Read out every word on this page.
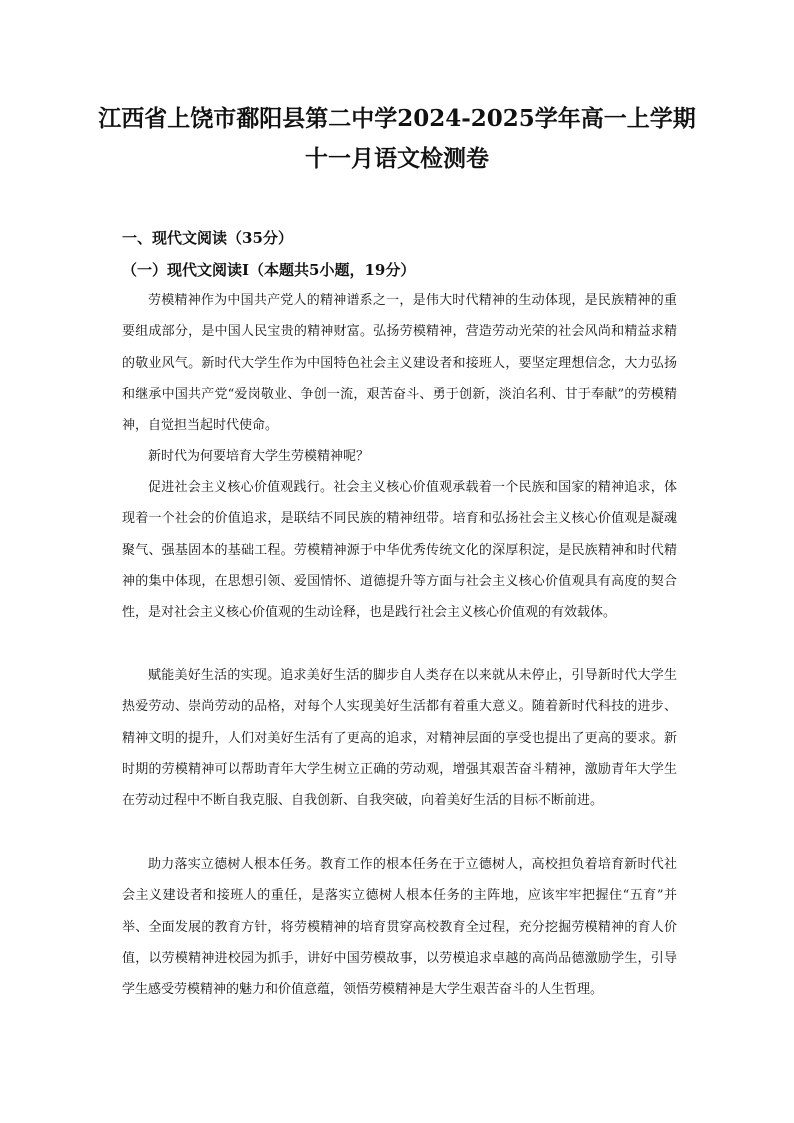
江西省上饶市鄱阳县第二中学2024-2025学年高一上学期
十一月语文检测卷
一、现代文阅读（35分）
（一）现代文阅读Ⅰ（本题共5小题，19分）

劳模精神作为中国共产党人的精神谱系之一，是伟大时代精神的生动体现，是民族精神的重要组成部分，是中国人民宝贵的精神财富。弘扬劳模精神，营造劳动光荣的社会风尚和精益求精的敬业风气。新时代大学生作为中国特色社会主义建设者和接班人，要坚定理想信念，大力弘扬和继承中国共产党“爱岗敬业、争创一流，艰苦奋斗、勇于创新，淡泊名利、甘于奉献”的劳模精神，自觉担当起时代使命。

新时代为何要培育大学生劳模精神呢？

促进社会主义核心价值观践行。社会主义核心价值观承载着一个民族和国家的精神追求，体现着一个社会的价值追求，是联结不同民族的精神纽带。培育和弘扬社会主义核心价值观是凝魂聚气、强基固本的基础工程。劳模精神源于中华优秀传统文化的深厚积淀，是民族精神和时代精神的集中体现，在思想引领、爱国情怀、道德提升等方面与社会主义核心价值观具有高度的契合性，是对社会主义核心价值观的生动诠释，也是践行社会主义核心价值观的有效载体。

赋能美好生活的实现。追求美好生活的脚步自人类存在以来就从未停止，引导新时代大学生热爱劳动、崇尚劳动的品格，对每个人实现美好生活都有着重大意义。随着新时代科技的进步、精神文明的提升，人们对美好生活有了更高的追求，对精神层面的享受也提出了更高的要求。新时期的劳模精神可以帮助青年大学生树立正确的劳动观，增强其艰苦奋斗精神，激励青年大学生在劳动过程中不断自我克服、自我创新、自我突破，向着美好生活的目标不断前进。

助力落实立德树人根本任务。教育工作的根本任务在于立德树人，高校担负着培育新时代社会主义建设者和接班人的重任，是落实立德树人根本任务的主阵地，应该牢牢把握住“五育”并举、全面发展的教育方针，将劳模精神的培育贯穿高校教育全过程，充分挖掘劳模精神的育人价值，以劳模精神进校园为抓手，讲好中国劳模故事，以劳模追求卓越的高尚品德激励学生，引导学生感受劳模精神的魅力和价值意蕴，领悟劳模精神是大学生艰苦奋斗的人生哲理。
